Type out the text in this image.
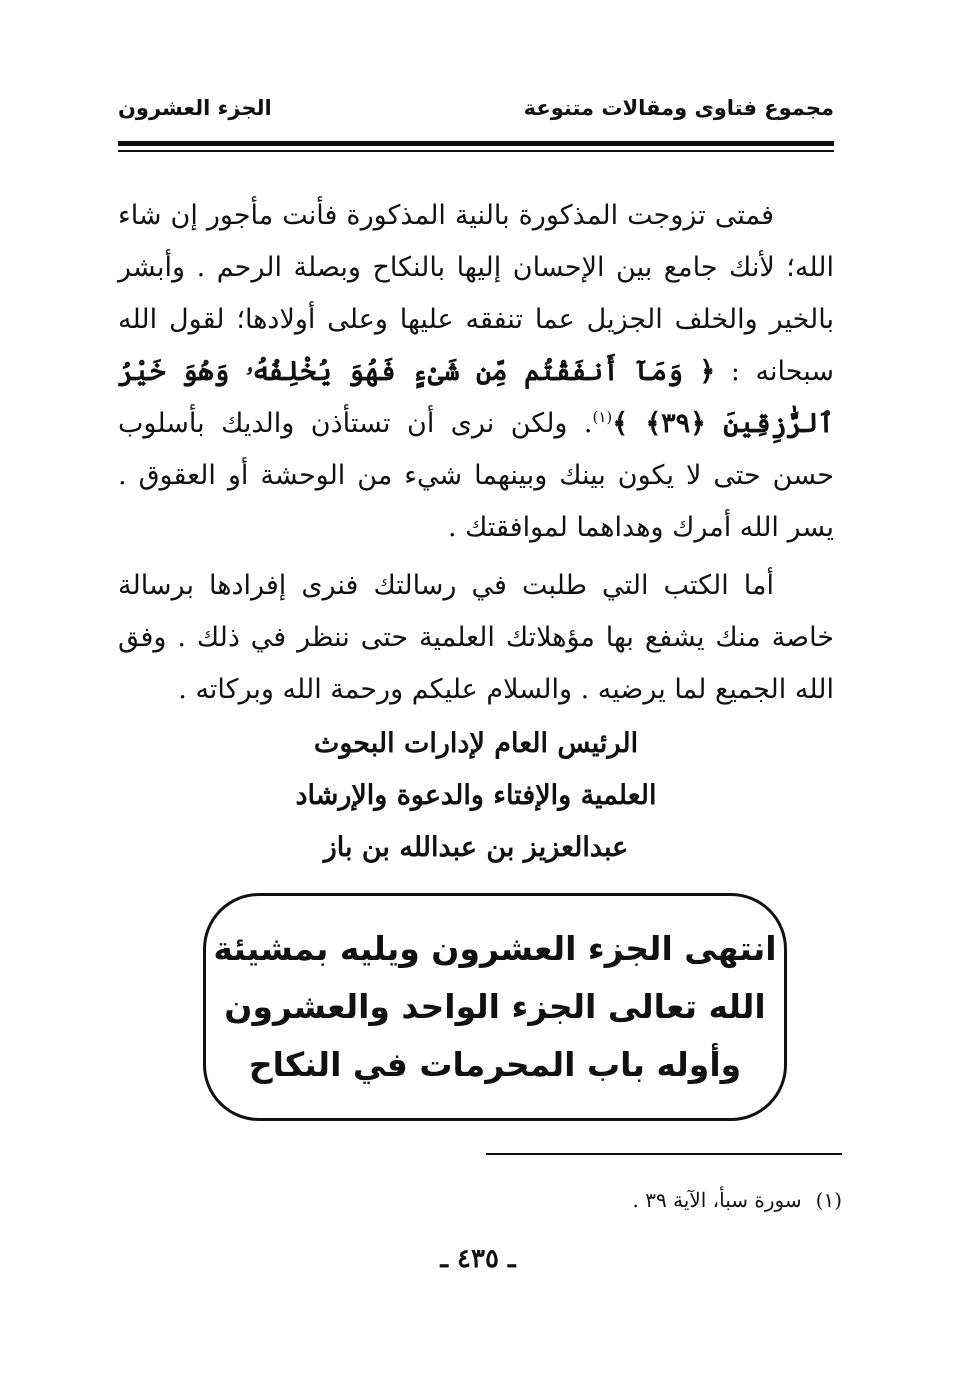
مجموع فتاوى ومقالات متنوعة
الجزء العشرون

فمتى تزوجت المذكورة بالنية المذكورة فأنت مأجور إن شاء الله؛ لأنك جامع بين الإحسان إليها بالنكاح وبصلة الرحم . وأبشر بالخير والخلف الجزيل عما تنفقه عليها وعلى أولادها؛ لقول الله سبحانه : ﴿ وَمَآ أَنفَقْتُم مِّن شَىْءٍ فَهُوَ يُخْلِفُهُۥ وَهُوَ خَيْرُ ٱلرَّٰزِقِينَ ﴿٣٩﴾ ﴾$^{(١)}$. ولكن نرى أن تستأذن والديك بأسلوب حسن حتى لا يكون بينك وبينهما شيء من الوحشة أو العقوق . يسر الله أمرك وهداهما لموافقتك .

أما الكتب التي طلبت في رسالتك فنرى إفرادها برسالة خاصة منك يشفع بها مؤهلاتك العلمية حتى ننظر في ذلك . وفق الله الجميع لما يرضيه . والسلام عليكم ورحمة الله وبركاته .

الرئيس العام لإدارات البحوث
العلمية والإفتاء والدعوة والإرشاد
عبدالعزيز بن عبدالله بن باز
انتهى الجزء العشرون ويليه بمشيئة
الله تعالى الجزء الواحد والعشرون
وأوله باب المحرمات في النكاح
(١)سورة سبأ، الآية ٣٩ .
ـ ٤٣٥ ـ
